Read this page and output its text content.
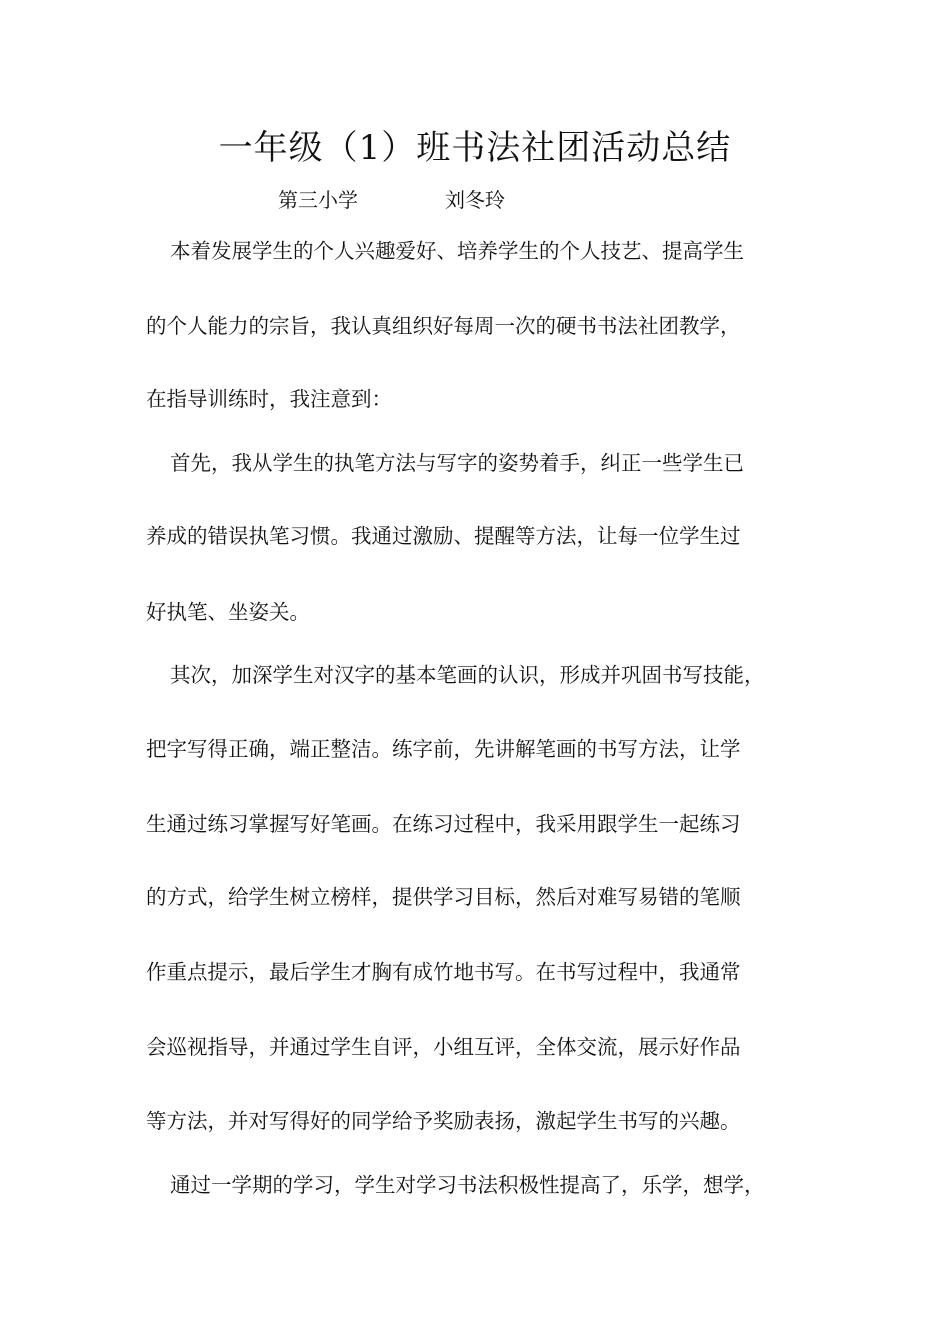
一年级（1）班书法社团活动总结
第三小学	刘冬玲
本着发展学生的个人兴趣爱好、培养学生的个人技艺、提高学生
的个人能力的宗旨，我认真组织好每周一次的硬书书法社团教学，
在指导训练时，我注意到：
首先，我从学生的执笔方法与写字的姿势着手，纠正一些学生已
养成的错误执笔习惯。我通过激励、提醒等方法，让每一位学生过
好执笔、坐姿关。
其次，加深学生对汉字的基本笔画的认识，形成并巩固书写技能，
把字写得正确，端正整洁。练字前，先讲解笔画的书写方法，让学
生通过练习掌握写好笔画。在练习过程中，我采用跟学生一起练习
的方式，给学生树立榜样，提供学习目标，然后对难写易错的笔顺
作重点提示，最后学生才胸有成竹地书写。在书写过程中，我通常
会巡视指导，并通过学生自评，小组互评，全体交流，展示好作品
等方法，并对写得好的同学给予奖励表扬，激起学生书写的兴趣。
通过一学期的学习，学生对学习书法积极性提高了，乐学，想学，
